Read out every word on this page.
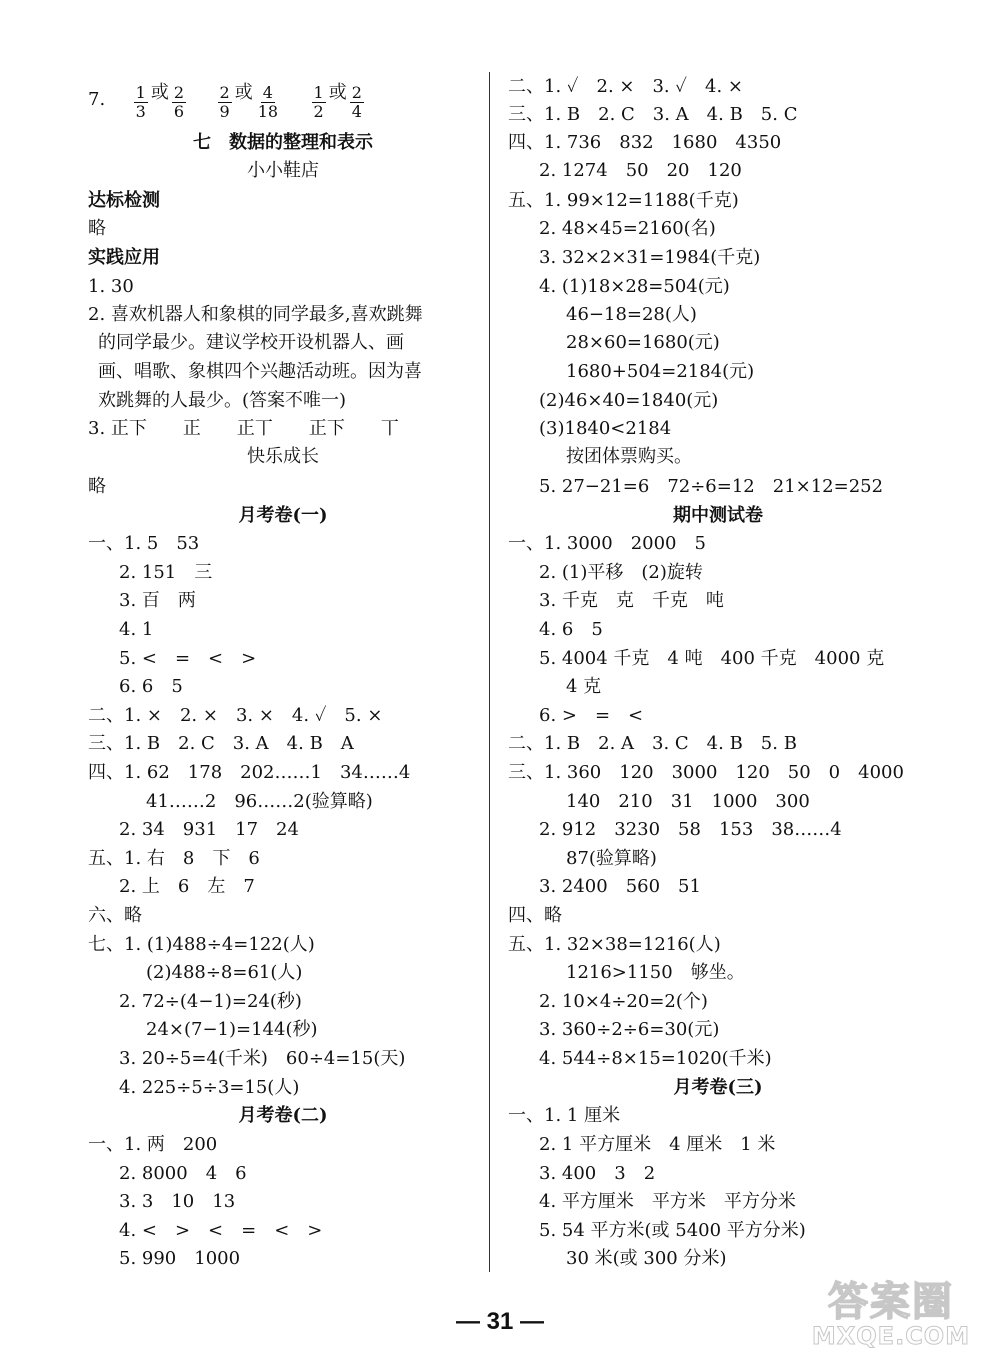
7. $\frac{1}{3}$ 或 $\frac{2}{6}$
$\frac{2}{9}$ 或 $\frac{4}{18}$
$\frac{1}{2}$ 或 $\frac{2}{4}$
七　数据的整理和表示
小小鞋店
达标检测
略
实践应用
1. 30
2. 喜欢机器人和象棋的同学最多,喜欢跳舞
的同学最少。建议学校开设机器人、画
画、唱歌、象棋四个兴趣活动班。因为喜
欢跳舞的人最少。(答案不唯一)
3. 正下　　正　　正丅　　正下　　丅
快乐成长
略
月考卷(一)
一、1. 5　53
2. 151　三
3. 百　两
4. 1
5. <　=　<　>
6. 6　5
二、1. ×　2. ×　3. ×　4. ✓　5. ×
三、1. B　2. C　3. A　4. B　A
四、1. 62　178　202……1　34……4
41……2　96……2(验算略)
2. 34　931　17　24
五、1. 右　8　下　6
2. 上　6　左　7
六、略
七、1. (1)488÷4=122(人)
(2)488÷8=61(人)
2. 72÷(4−1)=24(秒)
24×(7−1)=144(秒)
3. 20÷5=4(千米)　60÷4=15(天)
4. 225÷5÷3=15(人)
月考卷(二)
一、1. 两　200
2. 8000　4　6
3. 3　10　13
4. <　>　<　=　<　>
5. 990　1000
二、1. ✓　2. ×　3. ✓　4. ×
三、1. B　2. C　3. A　4. B　5. C
四、1. 736　832　1680　4350
2. 1274　50　20　120
五、1. 99×12=1188(千克)
2. 48×45=2160(名)
3. 32×2×31=1984(千克)
4. (1)18×28=504(元)
46−18=28(人)
28×60=1680(元)
1680+504=2184(元)
(2)46×40=1840(元)
(3)1840<2184
按团体票购买。
5. 27−21=6　72÷6=12　21×12=252
期中测试卷
一、1. 3000　2000　5
2. (1)平移　(2)旋转
3. 千克　克　千克　吨
4. 6　5
5. 4004 千克　4 吨　400 千克　4000 克
4 克
6. >　=　<
二、1. B　2. A　3. C　4. B　5. B
三、1. 360　120　3000　120　50　0　4000
140　210　31　1000　300
2. 912　3230　58　153　38……4
87(验算略)
3. 2400　560　51
四、略
五、1. 32×38=1216(人)
1216>1150　够坐。
2. 10×4÷20=2(个)
3. 360÷2÷6=30(元)
4. 544÷8×15=1020(千米)
月考卷(三)
一、1. 1 厘米
2. 1 平方厘米　4 厘米　1 米
3. 400　3　2
4. 平方厘米　平方米　平方分米
5. 54 平方米(或 5400 平方分米)
30 米(或 300 分米)
— 31 —	答案圈
MXQE.COM
